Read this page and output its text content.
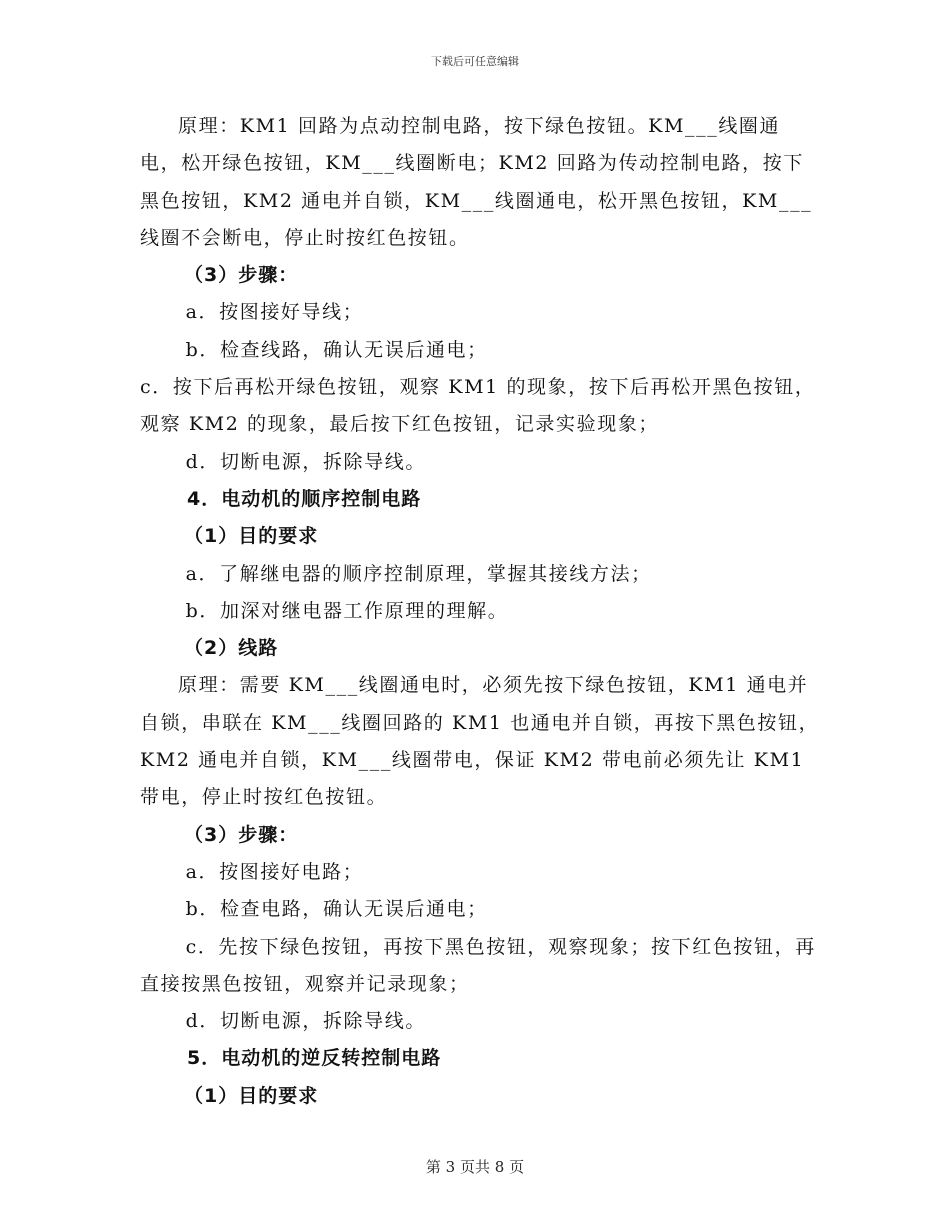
下载后可任意编辑

原理：KM1 回路为点动控制电路，按下绿色按钮。KM___线圈通电，松开绿色按钮，KM___线圈断电；KM2 回路为传动控制电路，按下黑色按钮，KM2 通电并自锁，KM___线圈通电，松开黑色按钮，KM___线圈不会断电，停止时按红色按钮。

（3）步骤：

a．按图接好导线；

b．检查线路，确认无误后通电；

c．按下后再松开绿色按钮，观察 KM1 的现象，按下后再松开黑色按钮，观察 KM2 的现象，最后按下红色按钮，记录实验现象；

d．切断电源，拆除导线。

4．电动机的顺序控制电路

（1）目的要求

a．了解继电器的顺序控制原理，掌握其接线方法；

b．加深对继电器工作原理的理解。

（2）线路

原理：需要 KM___线圈通电时，必须先按下绿色按钮，KM1 通电并自锁，串联在 KM___线圈回路的 KM1 也通电并自锁，再按下黑色按钮，KM2 通电并自锁，KM___线圈带电，保证 KM2 带电前必须先让 KM1 带电，停止时按红色按钮。

（3）步骤：

a．按图接好电路；

b．检查电路，确认无误后通电；

c．先按下绿色按钮，再按下黑色按钮，观察现象；按下红色按钮，再直接按黑色按钮，观察并记录现象；

d．切断电源，拆除导线。

5．电动机的逆反转控制电路

（1）目的要求

第 3 页共 8 页
